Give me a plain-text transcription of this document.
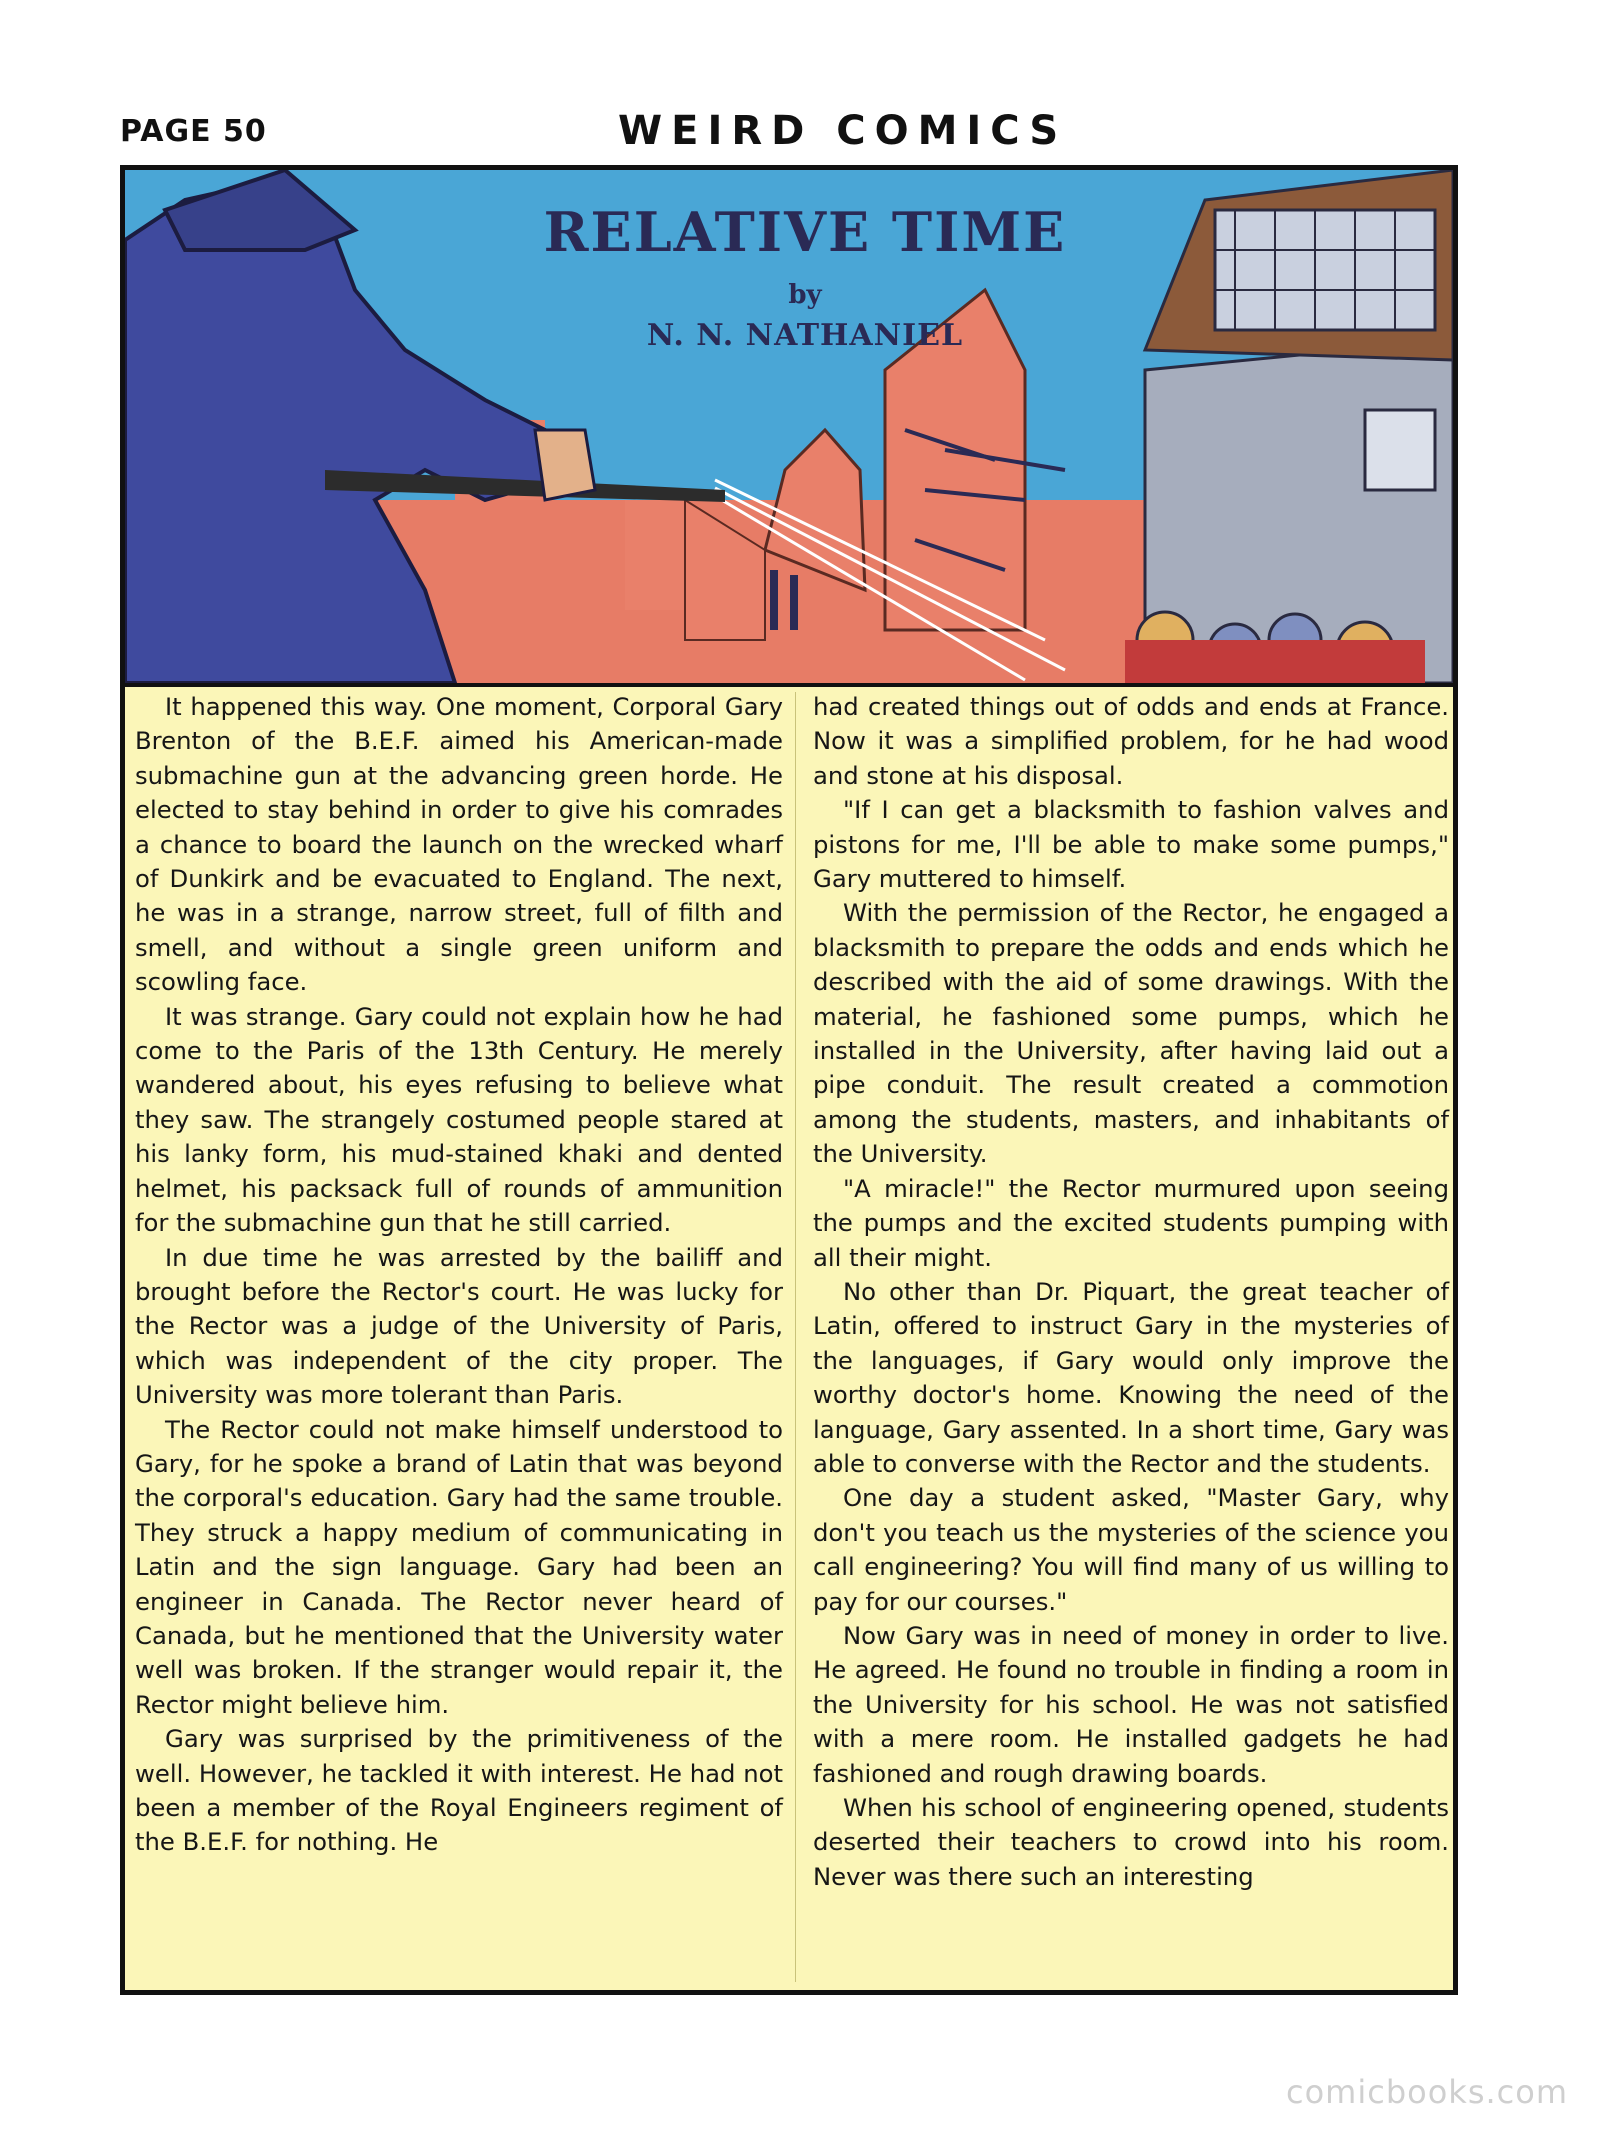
PAGE 50	WEIRD COMICS
RELATIVE TIME
by
N. N. NATHANIEL

It happened this way. One moment, Corporal Gary Brenton of the B.E.F. aimed his American-made submachine gun at the advancing green horde. He elected to stay behind in order to give his comrades a chance to board the launch on the wrecked wharf of Dunkirk and be evacuated to England. The next, he was in a strange, narrow street, full of filth and smell, and without a single green uniform and scowling face.

It was strange. Gary could not explain how he had come to the Paris of the 13th Century. He merely wandered about, his eyes refusing to believe what they saw. The strangely costumed people stared at his lanky form, his mud-stained khaki and dented helmet, his packsack full of rounds of ammunition for the submachine gun that he still carried.

In due time he was arrested by the bailiff and brought before the Rector's court. He was lucky for the Rector was a judge of the University of Paris, which was independent of the city proper. The University was more tolerant than Paris.

The Rector could not make himself understood to Gary, for he spoke a brand of Latin that was beyond the corporal's education. Gary had the same trouble. They struck a happy medium of communicating in Latin and the sign language. Gary had been an engineer in Canada. The Rector never heard of Canada, but he mentioned that the University water well was broken. If the stranger would repair it, the Rector might believe him.

Gary was surprised by the primitiveness of the well. However, he tackled it with interest. He had not been a member of the Royal Engineers regiment of the B.E.F. for nothing. He

had created things out of odds and ends at France. Now it was a simplified problem, for he had wood and stone at his disposal.

"If I can get a blacksmith to fashion valves and pistons for me, I'll be able to make some pumps," Gary muttered to himself.

With the permission of the Rector, he engaged a blacksmith to prepare the odds and ends which he described with the aid of some drawings. With the material, he fashioned some pumps, which he installed in the University, after having laid out a pipe conduit. The result created a commotion among the students, masters, and inhabitants of the University.

"A miracle!" the Rector murmured upon seeing the pumps and the excited students pumping with all their might.

No other than Dr. Piquart, the great teacher of Latin, offered to instruct Gary in the mysteries of the languages, if Gary would only improve the worthy doctor's home. Knowing the need of the language, Gary assented. In a short time, Gary was able to converse with the Rector and the students.

One day a student asked, "Master Gary, why don't you teach us the mysteries of the science you call engineering? You will find many of us willing to pay for our courses."

Now Gary was in need of money in order to live. He agreed. He found no trouble in finding a room in the University for his school. He was not satisfied with a mere room. He installed gadgets he had fashioned and rough drawing boards.

When his school of engineering opened, students deserted their teachers to crowd into his room. Never was there such an interesting

comicbooks.com
